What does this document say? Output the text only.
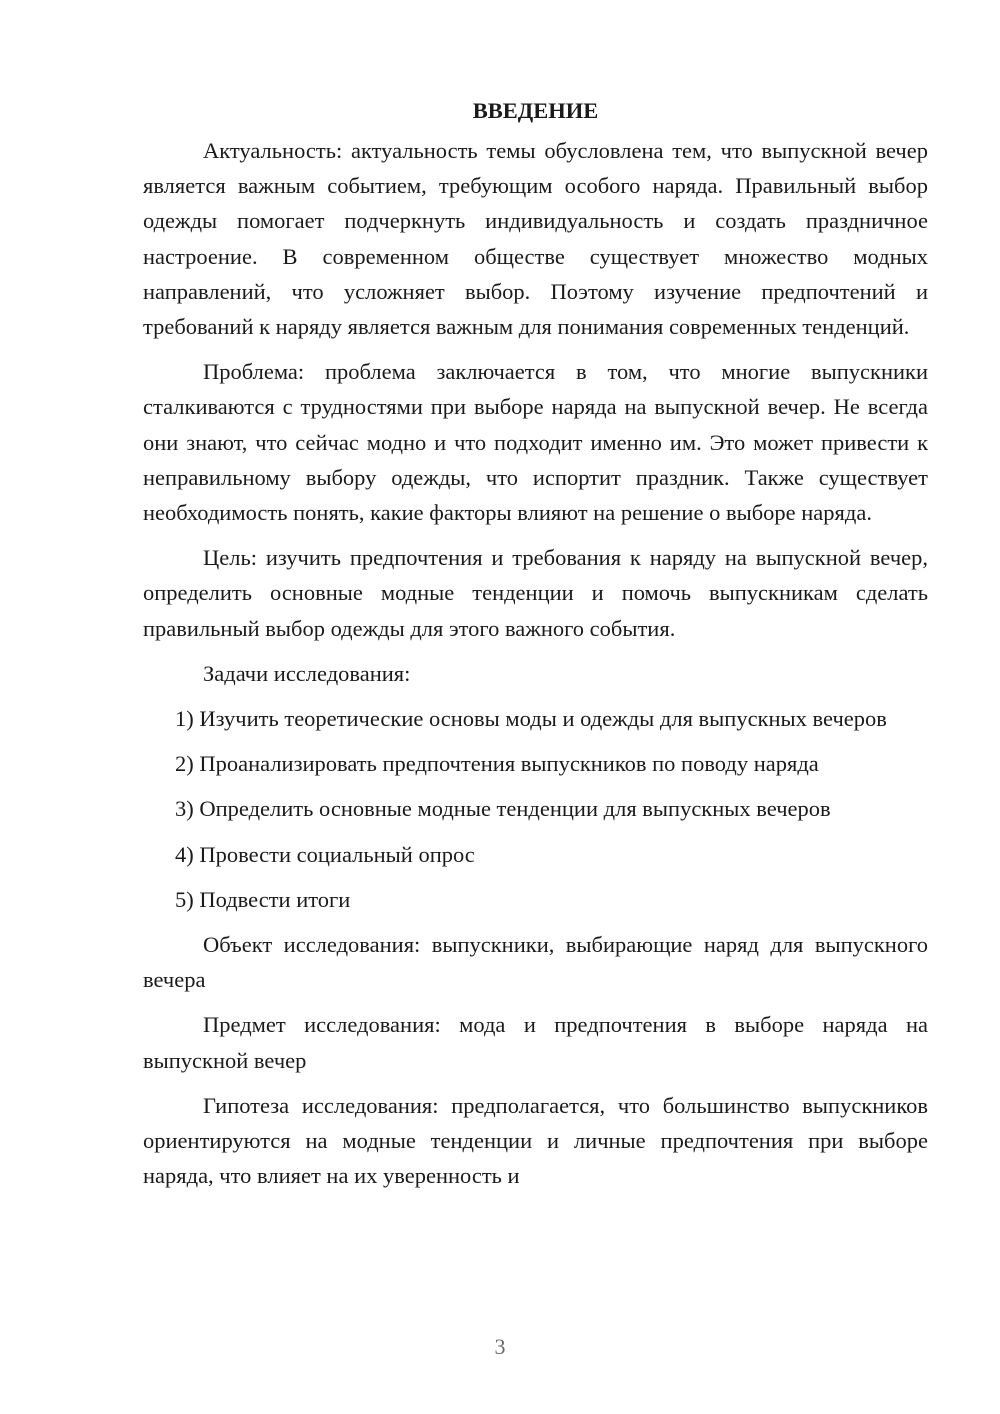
ВВЕДЕНИЕ

Актуальность: актуальность темы обусловлена тем, что выпускной вечер является важным событием, требующим особого наряда. Правильный выбор одежды помогает подчеркнуть индивидуальность и создать праздничное настроение. В современном обществе существует множество модных направлений, что усложняет выбор. Поэтому изучение предпочтений и требований к наряду является важным для понимания современных тенденций.

Проблема: проблема заключается в том, что многие выпускники сталкиваются с трудностями при выборе наряда на выпускной вечер. Не всегда они знают, что сейчас модно и что подходит именно им. Это может привести к неправильному выбору одежды, что испортит праздник. Также существует необходимость понять, какие факторы влияют на решение о выборе наряда.

Цель: изучить предпочтения и требования к наряду на выпускной вечер, определить основные модные тенденции и помочь выпускникам сделать правильный выбор одежды для этого важного события.

Задачи исследования:

1) Изучить теоретические основы моды и одежды для выпускных вечеров

2) Проанализировать предпочтения выпускников по поводу наряда

3) Определить основные модные тенденции для выпускных вечеров

4) Провести социальный опрос

5) Подвести итоги

Объект исследования: выпускники, выбирающие наряд для выпускного вечера

Предмет исследования: мода и предпочтения в выборе наряда на выпускной вечер

Гипотеза исследования: предполагается, что большинство выпускников ориентируются на модные тенденции и личные предпочтения при выборе наряда, что влияет на их уверенность и

3
